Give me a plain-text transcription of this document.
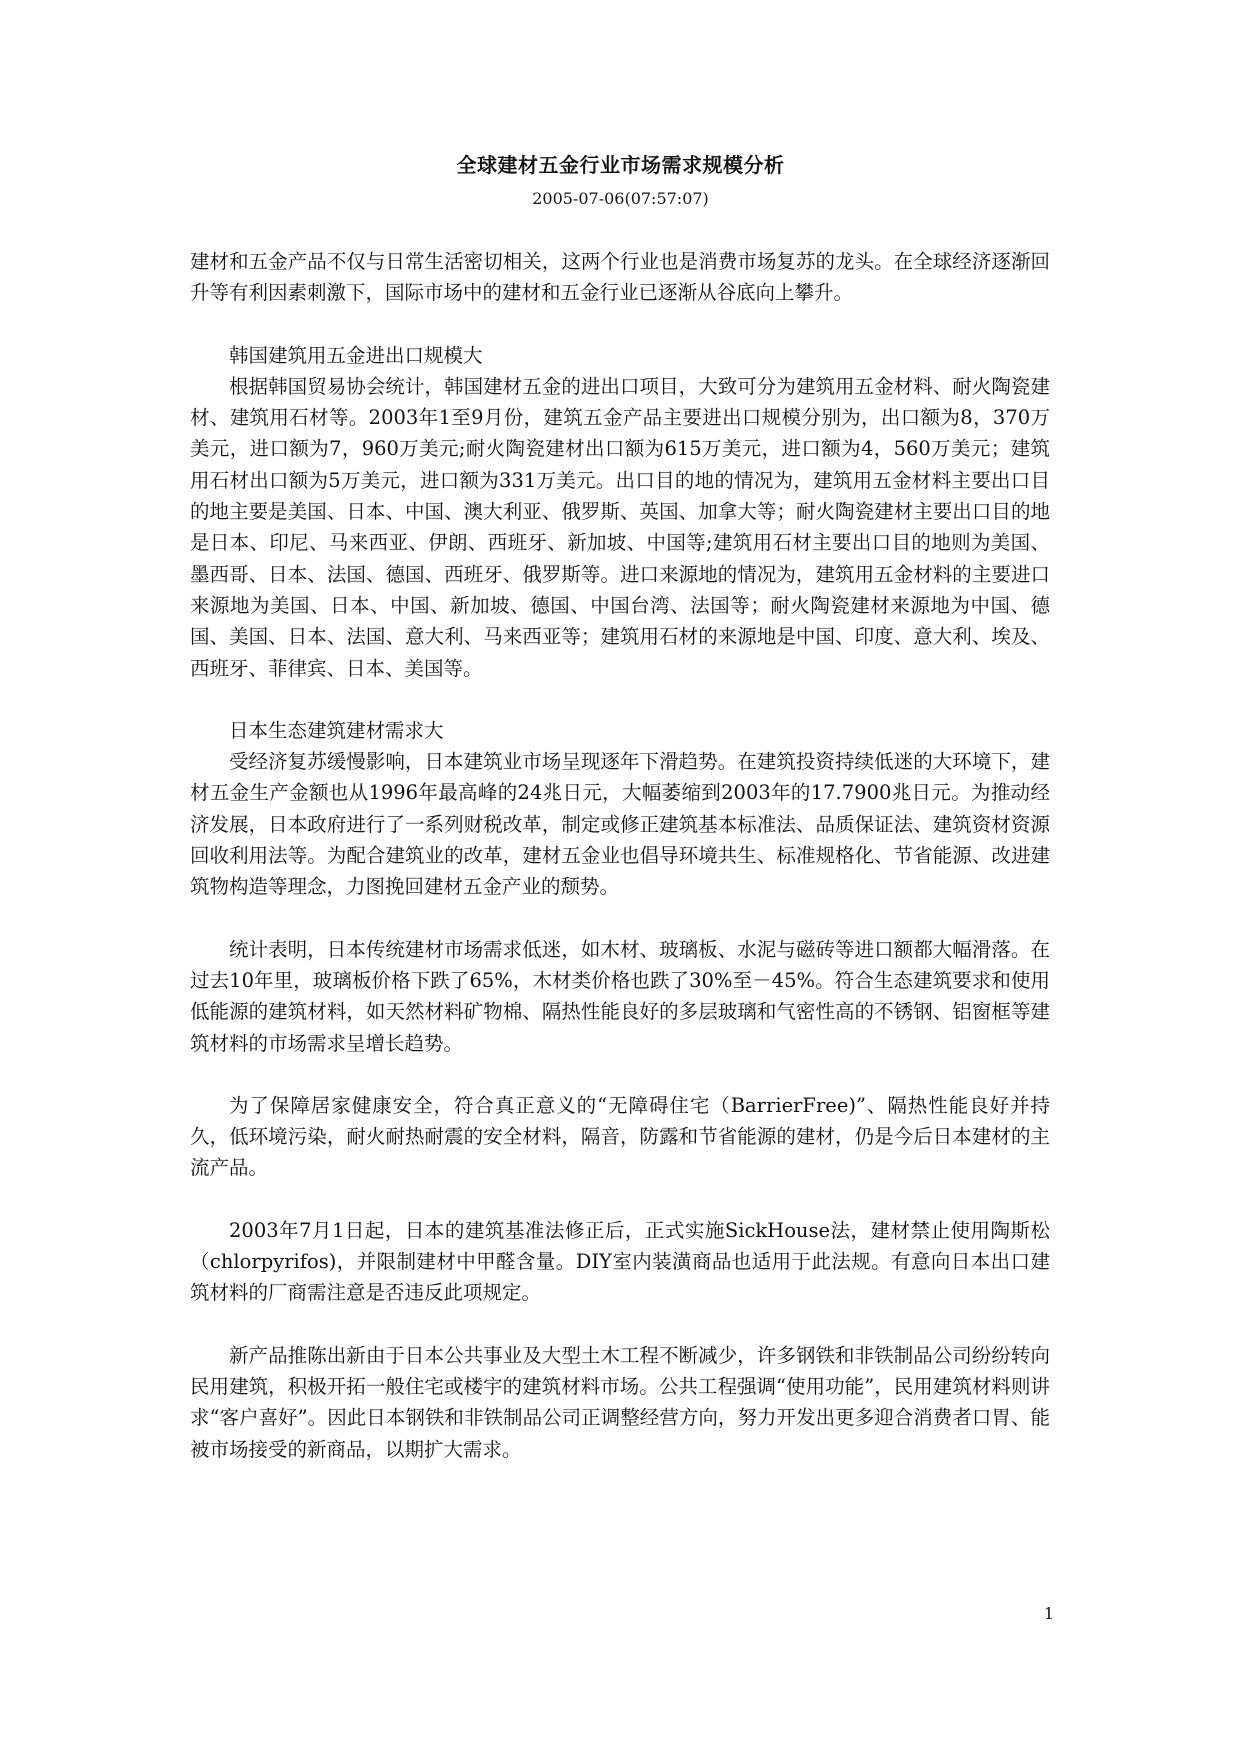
全球建材五金行业市场需求规模分析
2005-07-06(07:57:07)

建材和五金产品不仅与日常生活密切相关，这两个行业也是消费市场复苏的龙头。在全球经济逐渐回升等有利因素刺激下，国际市场中的建材和五金行业已逐渐从谷底向上攀升。

韩国建筑用五金进出口规模大

根据韩国贸易协会统计，韩国建材五金的进出口项目，大致可分为建筑用五金材料、耐火陶瓷建材、建筑用石材等。2003年1至9月份，建筑五金产品主要进出口规模分别为，出口额为8，370万美元，进口额为7，960万美元;耐火陶瓷建材出口额为615万美元，进口额为4，560万美元；建筑用石材出口额为5万美元，进口额为331万美元。出口目的地的情况为，建筑用五金材料主要出口目的地主要是美国、日本、中国、澳大利亚、俄罗斯、英国、加拿大等；耐火陶瓷建材主要出口目的地是日本、印尼、马来西亚、伊朗、西班牙、新加坡、中国等;建筑用石材主要出口目的地则为美国、墨西哥、日本、法国、德国、西班牙、俄罗斯等。进口来源地的情况为，建筑用五金材料的主要进口来源地为美国、日本、中国、新加坡、德国、中国台湾、法国等；耐火陶瓷建材来源地为中国、德国、美国、日本、法国、意大利、马来西亚等；建筑用石材的来源地是中国、印度、意大利、埃及、西班牙、菲律宾、日本、美国等。

日本生态建筑建材需求大

受经济复苏缓慢影响，日本建筑业市场呈现逐年下滑趋势。在建筑投资持续低迷的大环境下，建材五金生产金额也从1996年最高峰的24兆日元，大幅萎缩到2003年的17.7900兆日元。为推动经济发展，日本政府进行了一系列财税改革，制定或修正建筑基本标准法、品质保证法、建筑资材资源回收利用法等。为配合建筑业的改革，建材五金业也倡导环境共生、标准规格化、节省能源、改进建筑物构造等理念，力图挽回建材五金产业的颓势。

统计表明，日本传统建材市场需求低迷，如木材、玻璃板、水泥与磁砖等进口额都大幅滑落。在过去10年里，玻璃板价格下跌了65%，木材类价格也跌了30%至－45%。符合生态建筑要求和使用低能源的建筑材料，如天然材料矿物棉、隔热性能良好的多层玻璃和气密性高的不锈钢、铝窗框等建筑材料的市场需求呈增长趋势。

为了保障居家健康安全，符合真正意义的“无障碍住宅（BarrierFree)”、隔热性能良好并持久，低环境污染，耐火耐热耐震的安全材料，隔音，防露和节省能源的建材，仍是今后日本建材的主流产品。

2003年7月1日起，日本的建筑基准法修正后，正式实施SickHouse法，建材禁止使用陶斯松（chlorpyrifos)，并限制建材中甲醛含量。DIY室内装潢商品也适用于此法规。有意向日本出口建筑材料的厂商需注意是否违反此项规定。

新产品推陈出新由于日本公共事业及大型土木工程不断减少，许多钢铁和非铁制品公司纷纷转向民用建筑，积极开拓一般住宅或楼宇的建筑材料市场。公共工程强调“使用功能”，民用建筑材料则讲求“客户喜好”。因此日本钢铁和非铁制品公司正调整经营方向，努力开发出更多迎合消费者口胃、能被市场接受的新商品，以期扩大需求。

1
